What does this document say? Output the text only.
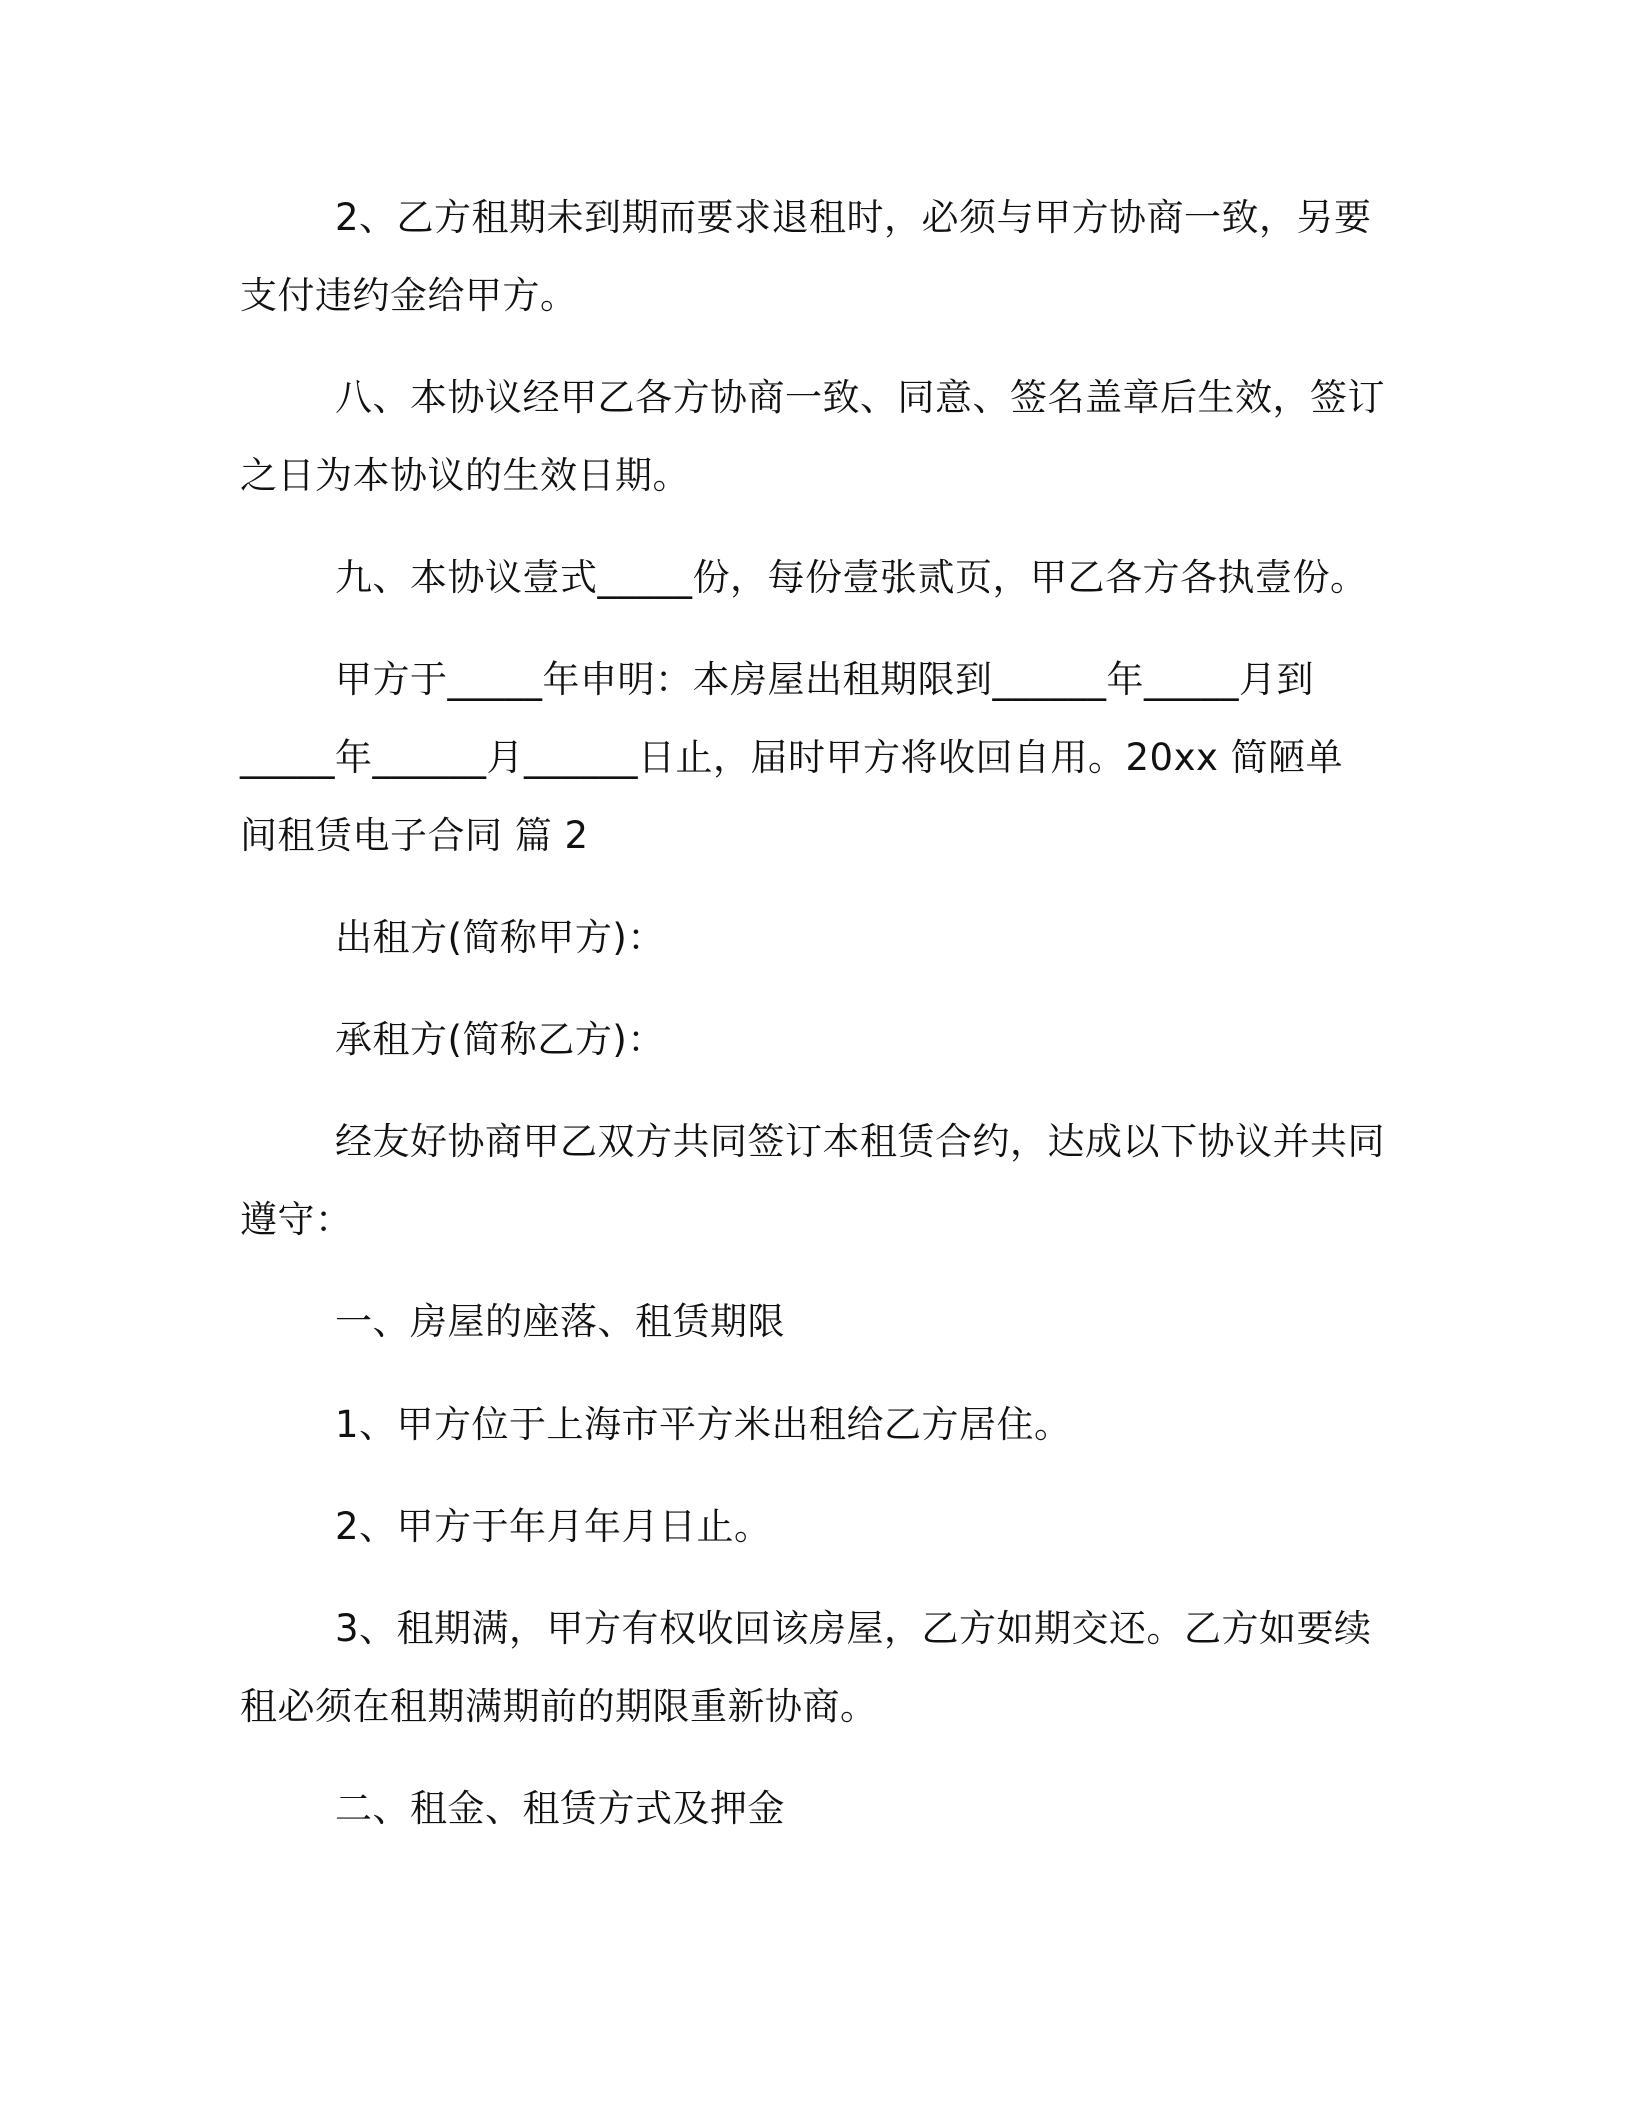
2、乙方租期未到期而要求退租时，必须与甲方协商一致，另要
支付违约金给甲方。
八、本协议经甲乙各方协商一致、同意、签名盖章后生效，签订
之日为本协议的生效日期。
九、本协议壹式_____份，每份壹张贰页，甲乙各方各执壹份。
甲方于_____年申明：本房屋出租期限到______年_____月到
_____年______月______日止，届时甲方将收回自用。20xx 简陋单
间租赁电子合同 篇 2
出租方(简称甲方)：
承租方(简称乙方)：
经友好协商甲乙双方共同签订本租赁合约，达成以下协议并共同
遵守：
一、房屋的座落、租赁期限
1、甲方位于上海市平方米出租给乙方居住。
2、甲方于年月年月日止。
3、租期满，甲方有权收回该房屋，乙方如期交还。乙方如要续
租必须在租期满期前的期限重新协商。
二、租金、租赁方式及押金
